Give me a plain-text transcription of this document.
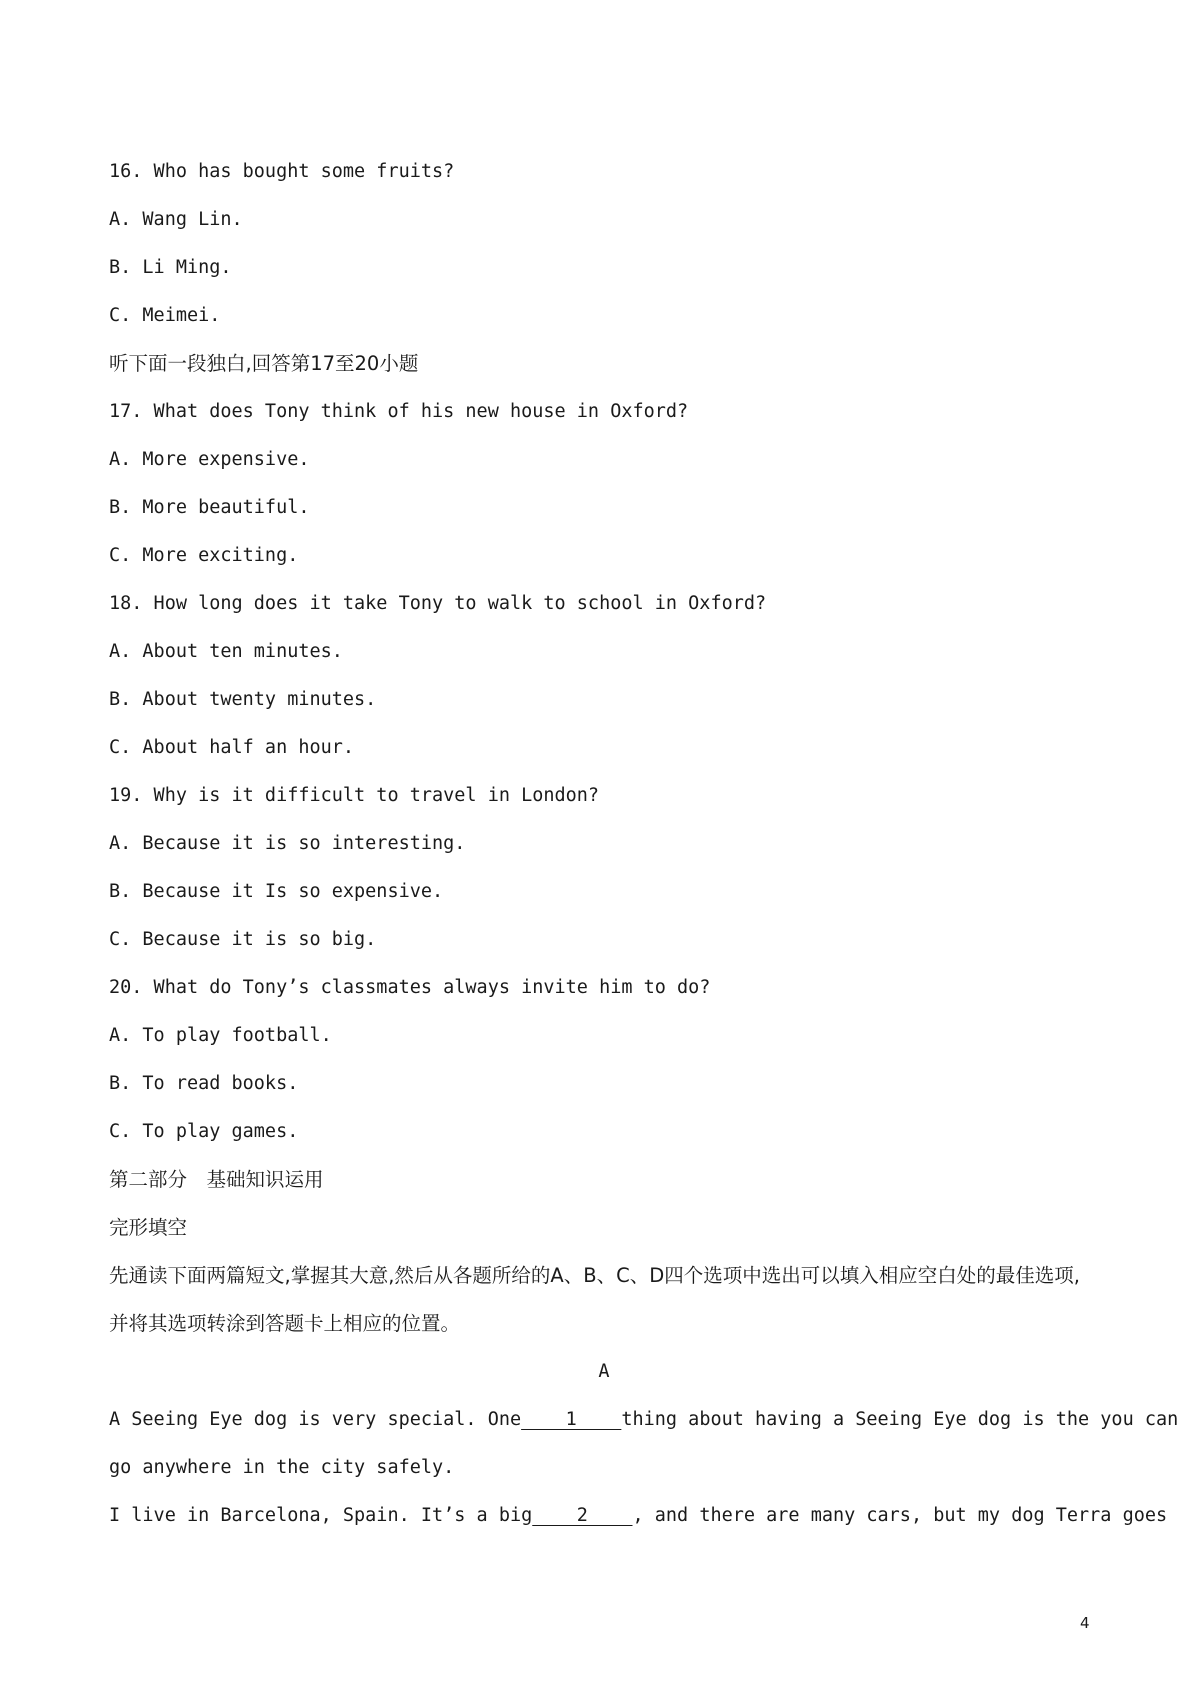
16. Who has bought some fruits?
A. Wang Lin.
B. Li Ming.
C. Meimei.
听下面一段独白,回答第17至20小题
17. What does Tony think of his new house in Oxford?
A. More expensive.
B. More beautiful.
C. More exciting.
18. How long does it take Tony to walk to school in Oxford?
A. About ten minutes.
B. About twenty minutes.
C. About half an hour.
19. Why is it difficult to travel in London?
A. Because it is so interesting.
B. Because it Is so expensive.
C. Because it is so big.
20. What do Tony’s classmates always invite him to do?
A. To play football.
B. To read books.
C. To play games.
第二部分　基础知识运用
完形填空
先通读下面两篇短文,掌握其大意,然后从各题所给的A、B、C、D四个选项中选出可以填入相应空白处的最佳选项,并将其选项转涂到答题卡上相应的位置。
A
A Seeing Eye dog is very special. One    1    thing about having a Seeing Eye dog is the you can
go anywhere in the city safely.
I live in Barcelona, Spain. It’s a big    2    , and there are many cars, but my dog Terra goes
4
